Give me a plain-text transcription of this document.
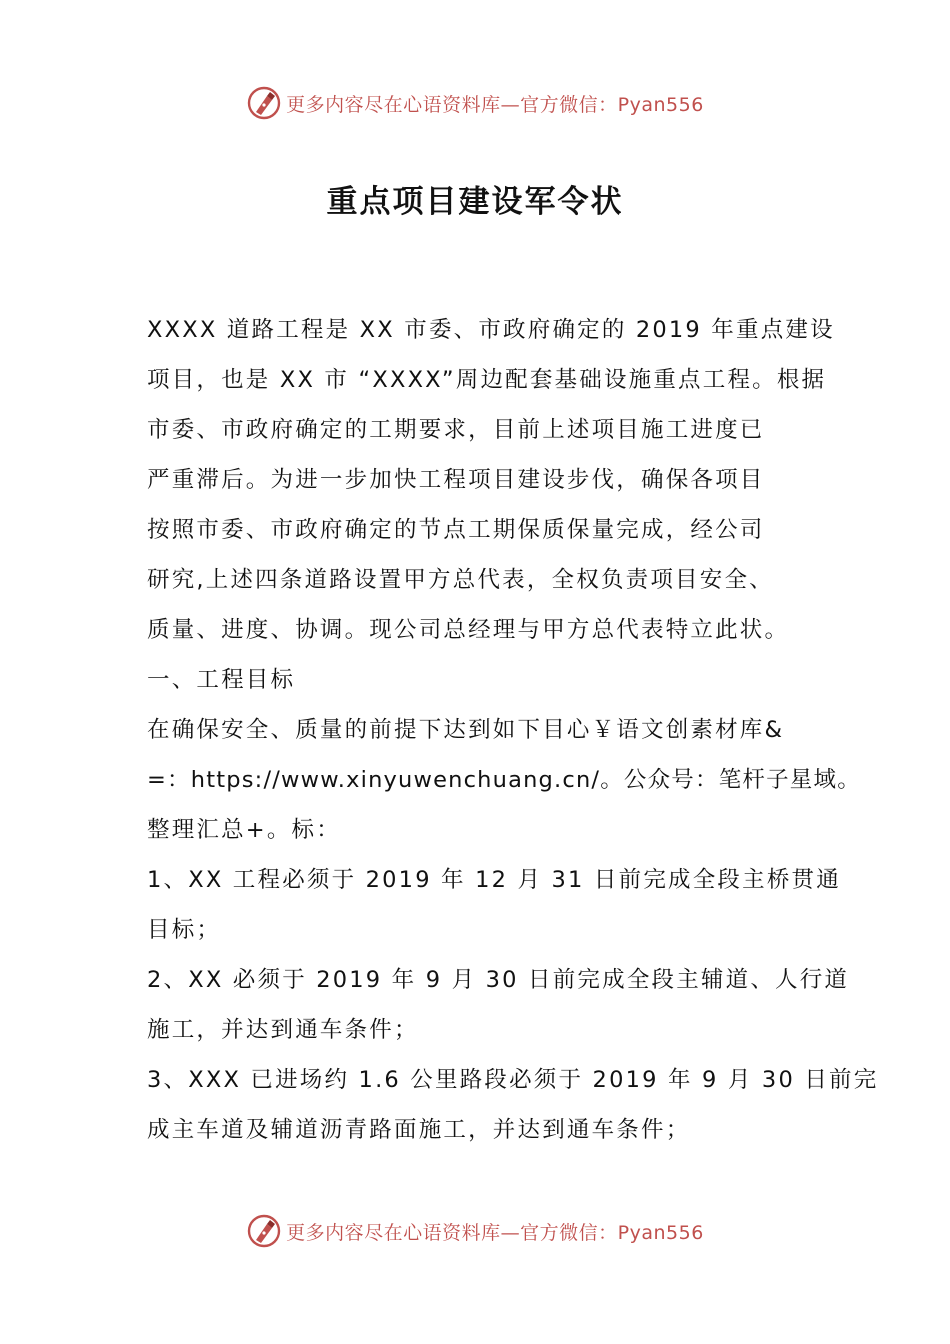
更多内容尽在心语资料库—官方微信：Pyan556
重点项目建设军令状
XXXX 道路工程是 XX 市委、市政府确定的 2019 年重点建设
项目，也是 XX 市 “XXXX”周边配套基础设施重点工程。根据
市委、市政府确定的工期要求，目前上述项目施工进度已
严重滞后。为进一步加快工程项目建设步伐，确保各项目
按照市委、市政府确定的节点工期保质保量完成，经公司
研究,上述四条道路设置甲方总代表，全权负责项目安全、
质量、进度、协调。现公司总经理与甲方总代表特立此状。
一、工程目标
在确保安全、质量的前提下达到如下目心￥语文创素材库&
=：https://www.xinyuwenchuang.cn/。公众号：笔杆子星域。
整理汇总+。标：
1、XX 工程必须于 2019 年 12 月 31 日前完成全段主桥贯通
目标；
2、XX 必须于 2019 年 9 月 30 日前完成全段主辅道、人行道
施工，并达到通车条件；
3、XXX 已进场约 1.6 公里路段必须于 2019 年 9 月 30 日前完
成主车道及辅道沥青路面施工，并达到通车条件；
更多内容尽在心语资料库—官方微信：Pyan556
